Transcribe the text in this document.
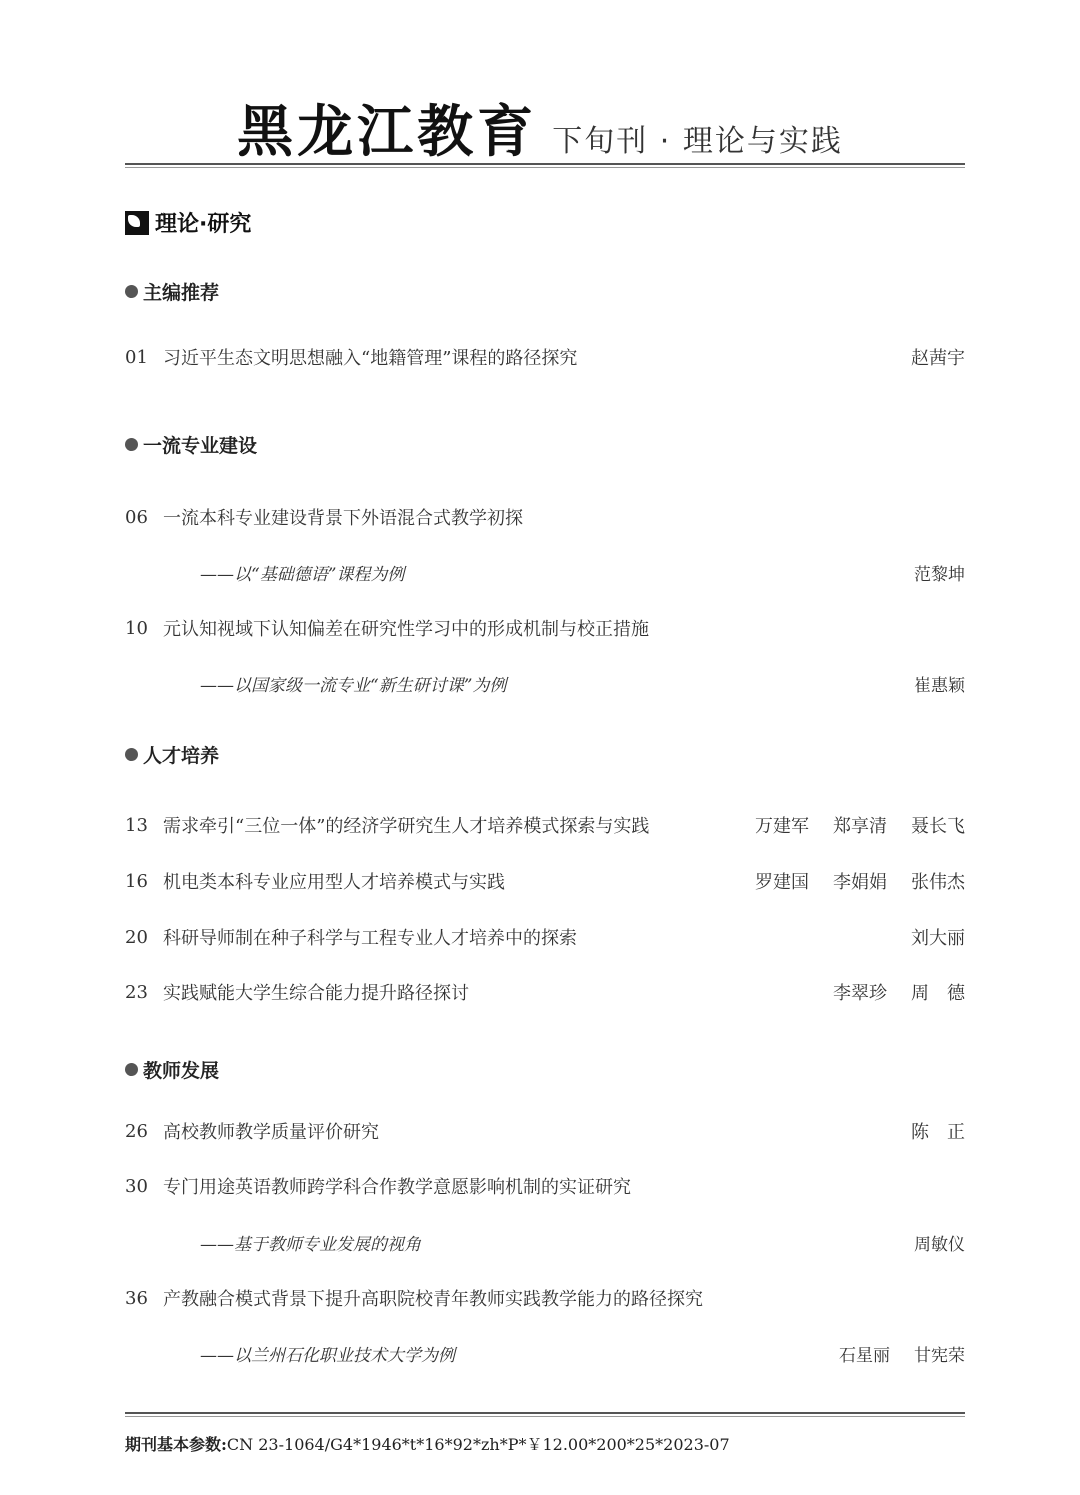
黑龙江教育 下旬刊 · 理论与实践
理论·研究
主编推荐
01 习近平生态文明思想融入“地籍管理”课程的路径探究	赵茜宇
一流专业建设
06 一流本科专业建设背景下外语混合式教学初探
——以“基础德语”课程为例	范黎坤
10 元认知视域下认知偏差在研究性学习中的形成机制与校正措施
——以国家级一流专业“新生研讨课”为例	崔惠颖
人才培养
13 需求牵引“三位一体”的经济学研究生人才培养模式探索与实践	万建军 郑享清 聂长飞
16 机电类本科专业应用型人才培养模式与实践	罗建国 李娟娟 张伟杰
20 科研导师制在种子科学与工程专业人才培养中的探索	刘大丽
23 实践赋能大学生综合能力提升路径探讨	李翠珍 周　德
教师发展
26 高校教师教学质量评价研究	陈　正
30 专门用途英语教师跨学科合作教学意愿影响机制的实证研究
——基于教师专业发展的视角	周敏仪
36 产教融合模式背景下提升高职院校青年教师实践教学能力的路径探究
——以兰州石化职业技术大学为例	石星丽 甘宪荣
期刊基本参数:CN 23-1064/G4*1946*t*16*92*zh*P*￥12.00*200*25*2023-07
